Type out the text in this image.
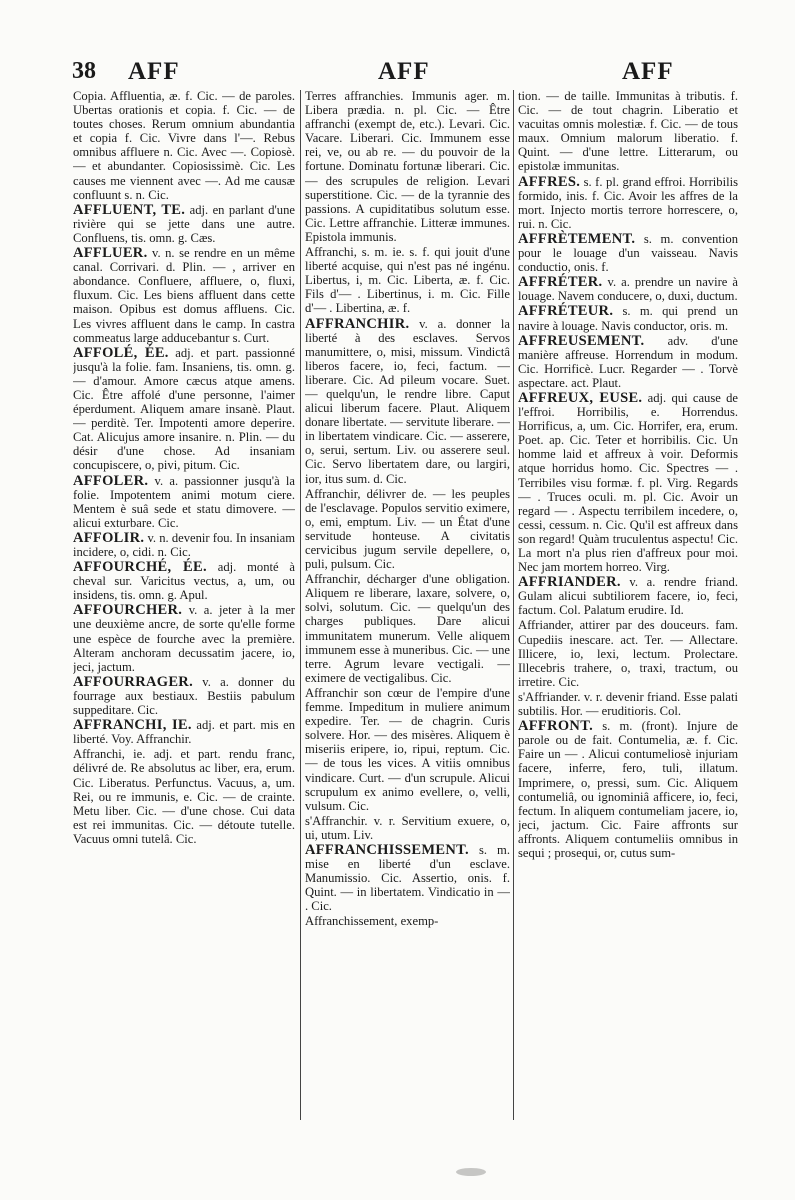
38 AFF	AFF	AFF

Copia. Affluentia, æ. f. Cic. — de paroles. Ubertas orationis et copia. f. Cic. — de toutes choses. Rerum omnium abundantia et copia f. Cic. Vivre dans l'—. Rebus omnibus affluere n. Cic. Avec —. Copiosè. — et abundanter. Copiosissimè. Cic. Les causes me viennent avec —. Ad me causæ confluunt s. n. Cic.

AFFLUENT, TE. adj. en parlant d'une rivière qui se jette dans une autre. Confluens, tis. omn. g. Cæs.

AFFLUER. v. n. se rendre en un même canal. Corrivari. d. Plin. — , arriver en abondance. Confluere, affluere, o, fluxi, fluxum. Cic. Les biens affluent dans cette maison. Opibus est domus affluens. Cic. Les vivres affluent dans le camp. In castra commeatus large adducebantur s. Curt.

AFFOLÉ, ÉE. adj. et part. passionné jusqu'à la folie. fam. Insaniens, tis. omn. g. — d'amour. Amore cæcus atque amens. Cic. Être affolé d'une personne, l'aimer éperdument. Aliquem amare insanè. Plaut. — perditè. Ter. Impotenti amore deperire. Cat. Alicujus amore insanire. n. Plin. — du désir d'une chose. Ad insaniam concupiscere, o, pivi, pitum. Cic.

AFFOLER. v. a. passionner jusqu'à la folie. Impotentem animi motum ciere. Mentem è suâ sede et statu dimovere. — alicui exturbare. Cic.

AFFOLIR. v. n. devenir fou. In insaniam incidere, o, cidi. n. Cic.

AFFOURCHÉ, ÉE. adj. monté à cheval sur. Varicitus vectus, a, um, ou insidens, tis. omn. g. Apul.

AFFOURCHER. v. a. jeter à la mer une deuxième ancre, de sorte qu'elle forme une espèce de fourche avec la première. Alteram anchoram decussatim jacere, io, jeci, jactum.

AFFOURRAGER. v. a. donner du fourrage aux bestiaux. Bestiis pabulum suppeditare. Cic.

AFFRANCHI, IE. adj. et part. mis en liberté. Voy. Affranchir.

Affranchi, ie. adj. et part. rendu franc, délivré de. Re absolutus ac liber, era, erum. Cic. Liberatus. Perfunctus. Vacuus, a, um. Rei, ou re immunis, e. Cic. — de crainte. Metu liber. Cic. — d'une chose. Cui data est rei immunitas. Cic. — détoute tutelle. Vacuus omni tutelâ. Cic.

Terres affranchies. Immunis ager. m. Libera prædia. n. pl. Cic. — Être affranchi (exempt de, etc.). Levari. Cic. Vacare. Liberari. Cic. Immunem esse rei, ve, ou ab re. — du pouvoir de la fortune. Dominatu fortunæ liberari. Cic. — des scrupules de religion. Levari superstitione. Cic. — de la tyrannie des passions. A cupiditatibus solutum esse. Cic. Lettre affranchie. Litteræ immunes. Epistola immunis.

Affranchi, s. m. ie. s. f. qui jouit d'une liberté acquise, qui n'est pas né ingénu. Libertus, i, m. Cic. Liberta, æ. f. Cic. Fils d'— . Libertinus, i. m. Cic. Fille d'— . Libertina, æ. f.

AFFRANCHIR. v. a. donner la liberté à des esclaves. Servos manumittere, o, misi, missum. Vindictâ liberos facere, io, feci, factum. — liberare. Cic. Ad pileum vocare. Suet. — quelqu'un, le rendre libre. Caput alicui liberum facere. Plaut. Aliquem donare libertate. — servitute liberare. — in libertatem vindicare. Cic. — asserere, o, serui, sertum. Liv. ou asserere seul. Cic. Servo libertatem dare, ou largiri, ior, itus sum. d. Cic.

Affranchir, délivrer de. — les peuples de l'esclavage. Populos servitio eximere, o, emi, emptum. Liv. — un État d'une servitude honteuse. A civitatis cervicibus jugum servile depellere, o, puli, pulsum. Cic.

Affranchir, décharger d'une obligation. Aliquem re liberare, laxare, solvere, o, solvi, solutum. Cic. — quelqu'un des charges publiques. Dare alicui immunitatem munerum. Velle aliquem immunem esse à muneribus. Cic. — une terre. Agrum levare vectigali. — eximere de vectigalibus. Cic.

Affranchir son cœur de l'empire d'une femme. Impeditum in muliere animum expedire. Ter. — de chagrin. Curis solvere. Hor. — des misères. Aliquem è miseriis eripere, io, ripui, reptum. Cic. — de tous les vices. A vitiis omnibus vindicare. Curt. — d'un scrupule. Alicui scrupulum ex animo evellere, o, velli, vulsum. Cic.

s'Affranchir. v. r. Servitium exuere, o, ui, utum. Liv.

AFFRANCHISSEMENT. s. m. mise en liberté d'un esclave. Manumissio. Cic. Assertio, onis. f. Quint. — in libertatem. Vindicatio in — . Cic.

Affranchissement, exemp-

tion. — de taille. Immunitas à tributis. f. Cic. — de tout chagrin. Liberatio et vacuitas omnis molestiæ. f. Cic. — de tous maux. Omnium malorum liberatio. f. Quint. — d'une lettre. Litterarum, ou epistolæ immunitas.

AFFRES. s. f. pl. grand effroi. Horribilis formido, inis. f. Cic. Avoir les affres de la mort. Injecto mortis terrore horrescere, o, rui. n. Cic.

AFFRÈTEMENT. s. m. convention pour le louage d'un vaisseau. Navis conductio, onis. f.

AFFRÉTER. v. a. prendre un navire à louage. Navem conducere, o, duxi, ductum.

AFFRÉTEUR. s. m. qui prend un navire à louage. Navis conductor, oris. m.

AFFREUSEMENT. adv. d'une manière affreuse. Horrendum in modum. Cic. Horrificè. Lucr. Regarder — . Torvè aspectare. act. Plaut.

AFFREUX, EUSE. adj. qui cause de l'effroi. Horribilis, e. Horrendus. Horrificus, a, um. Cic. Horrifer, era, erum. Poet. ap. Cic. Teter et horribilis. Cic. Un homme laid et affreux à voir. Deformis atque horridus homo. Cic. Spectres — . Terribiles visu formæ. f. pl. Virg. Regards — . Truces oculi. m. pl. Cic. Avoir un regard — . Aspectu terribilem incedere, o, cessi, cessum. n. Cic. Qu'il est affreux dans son regard! Quàm truculentus aspectu! Cic. La mort n'a plus rien d'affreux pour moi. Nec jam mortem horreo. Virg.

AFFRIANDER. v. a. rendre friand. Gulam alicui subtiliorem facere, io, feci, factum. Col. Palatum erudire. Id.

Affriander, attirer par des douceurs. fam. Cupediis inescare. act. Ter. — Allectare. Illicere, io, lexi, lectum. Prolectare. Illecebris trahere, o, traxi, tractum, ou irretire. Cic.

s'Affriander. v. r. devenir friand. Esse palati subtilis. Hor. — eruditioris. Col.

AFFRONT. s. m. (front). Injure de parole ou de fait. Contumelia, æ. f. Cic. Faire un — . Alicui contumeliosè injuriam facere, inferre, fero, tuli, illatum. Imprimere, o, pressi, sum. Cic. Aliquem contumeliâ, ou ignominiâ afficere, io, feci, fectum. In aliquem contumeliam jacere, io, jeci, jactum. Cic. Faire affronts sur affronts. Aliquem contumeliis omnibus in sequi ; prosequi, or, cutus sum-
